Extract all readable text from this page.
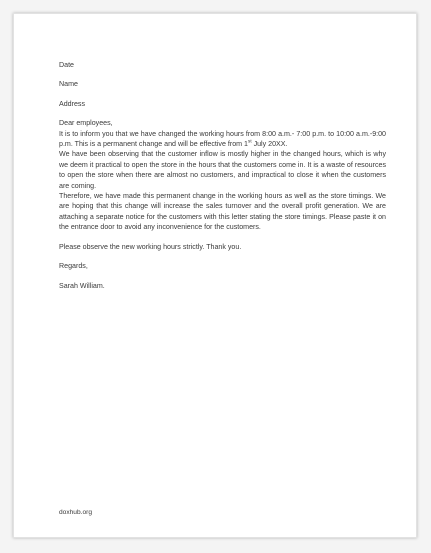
Date

Name

Address

Dear employees,

It is to inform you that we have changed the working hours from 8:00 a.m.- 7:00 p.m. to 10:00 a.m.-9:00 p.m. This is a permanent change and will be effective from 1st July 20XX.

We have been observing that the customer inflow is mostly higher in the changed hours, which is why we deem it practical to open the store in the hours that the customers come in. It is a waste of resources to open the store when there are almost no customers, and impractical to close it when the customers are coming.

Therefore, we have made this permanent change in the working hours as well as the store timings. We are hoping that this change will increase the sales turnover and the overall profit generation. We are attaching a separate notice for the customers with this letter stating the store timings. Please paste it on the entrance door to avoid any inconvenience for the customers.

Please observe the new working hours strictly. Thank you.

Regards,

Sarah William.

doxhub.org
